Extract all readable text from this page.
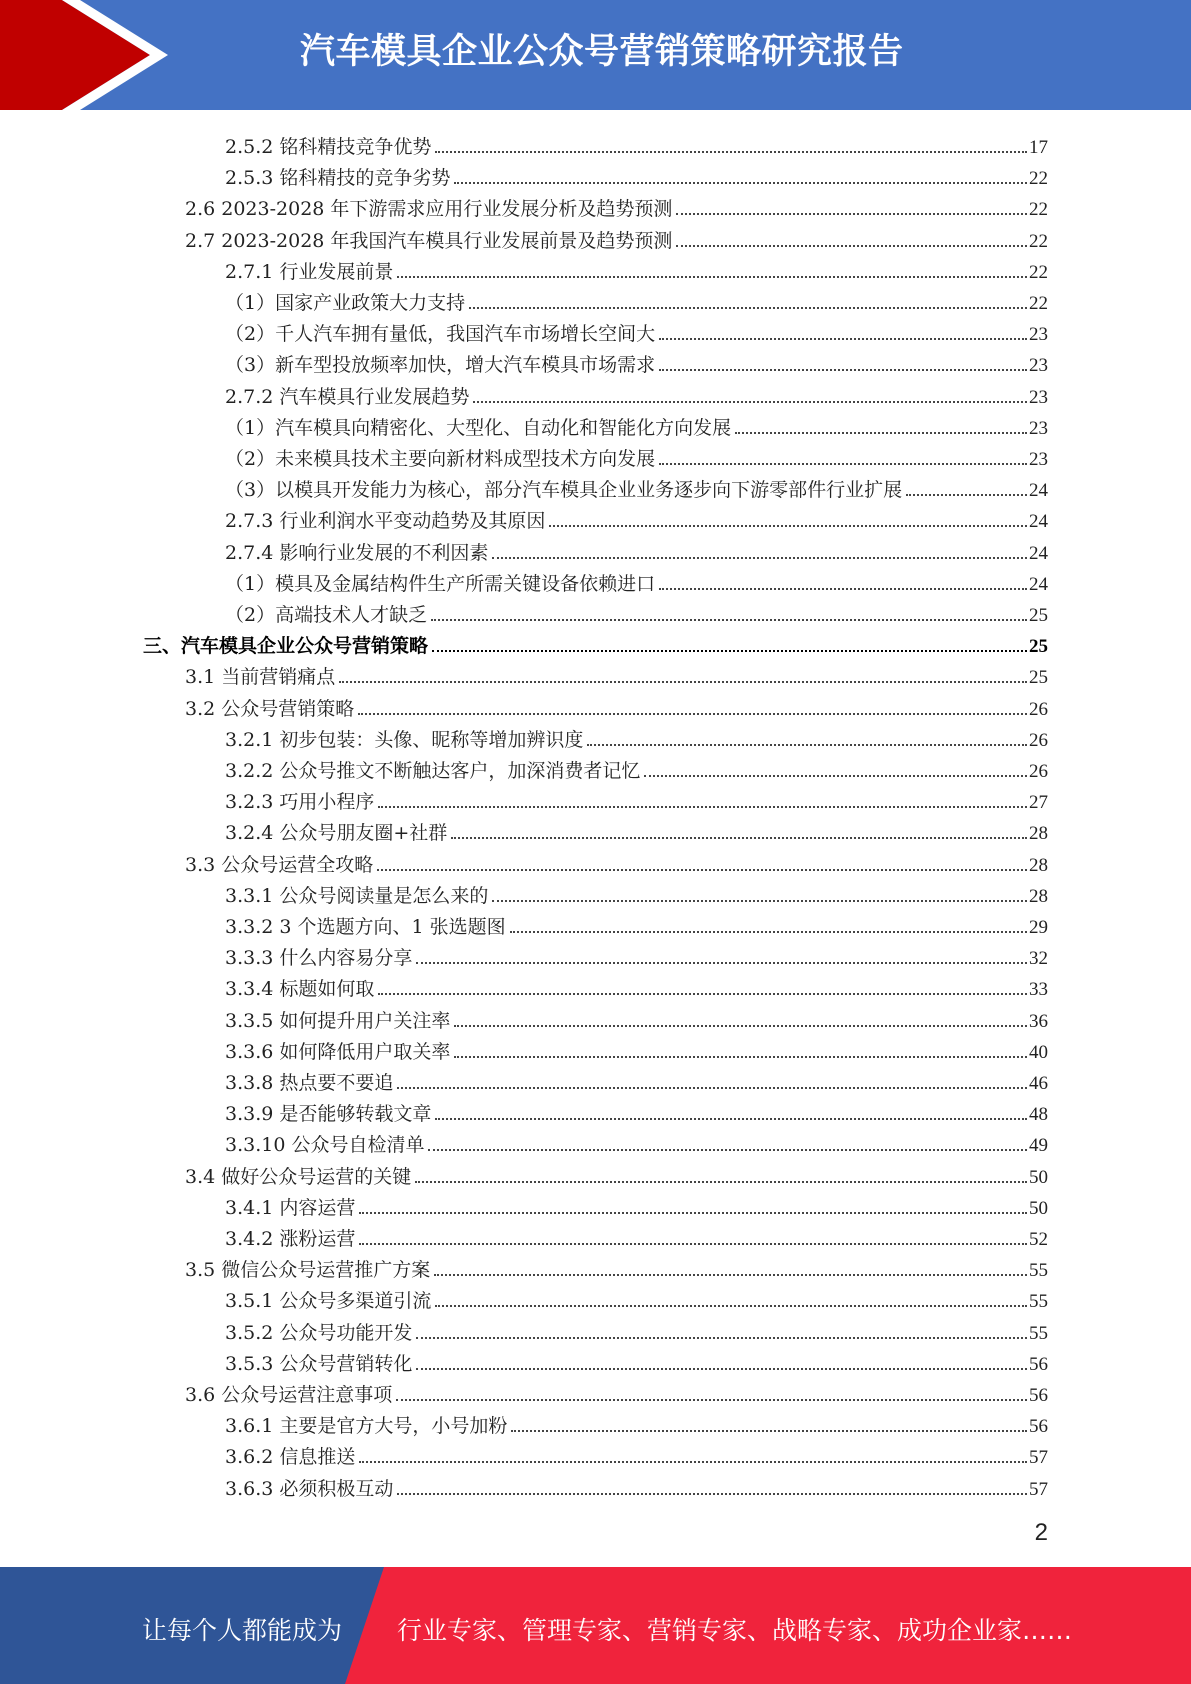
汽车模具企业公众号营销策略研究报告
2.5.2 铭科精技竞争优势	17
2.5.3 铭科精技的竞争劣势	22
2.6 2023-2028 年下游需求应用行业发展分析及趋势预测	22
2.7 2023-2028 年我国汽车模具行业发展前景及趋势预测	22
2.7.1 行业发展前景	22
（1）国家产业政策大力支持	22
（2）千人汽车拥有量低，我国汽车市场增长空间大	23
（3）新车型投放频率加快，增大汽车模具市场需求	23
2.7.2 汽车模具行业发展趋势	23
（1）汽车模具向精密化、大型化、自动化和智能化方向发展	23
（2）未来模具技术主要向新材料成型技术方向发展	23
（3）以模具开发能力为核心，部分汽车模具企业业务逐步向下游零部件行业扩展	24
2.7.3 行业利润水平变动趋势及其原因	24
2.7.4 影响行业发展的不利因素	24
（1）模具及金属结构件生产所需关键设备依赖进口	24
（2）高端技术人才缺乏	25
三、汽车模具企业公众号营销策略	25
3.1 当前营销痛点	25
3.2 公众号营销策略	26
3.2.1 初步包装：头像、昵称等增加辨识度	26
3.2.2 公众号推文不断触达客户，加深消费者记忆	26
3.2.3 巧用小程序	27
3.2.4 公众号朋友圈+社群	28
3.3 公众号运营全攻略	28
3.3.1 公众号阅读量是怎么来的	28
3.3.2 3 个选题方向、1 张选题图	29
3.3.3 什么内容易分享	32
3.3.4 标题如何取	33
3.3.5 如何提升用户关注率	36
3.3.6 如何降低用户取关率	40
3.3.8 热点要不要追	46
3.3.9 是否能够转载文章	48
3.3.10 公众号自检清单	49
3.4 做好公众号运营的关键	50
3.4.1 内容运营	50
3.4.2 涨粉运营	52
3.5 微信公众号运营推广方案	55
3.5.1 公众号多渠道引流	55
3.5.2 公众号功能开发	55
3.5.3 公众号营销转化	56
3.6 公众号运营注意事项	56
3.6.1 主要是官方大号，小号加粉	56
3.6.2 信息推送	57
3.6.3 必须积极互动	57
2
让每个人都能成为 行业专家、管理专家、营销专家、战略专家、成功企业家……
